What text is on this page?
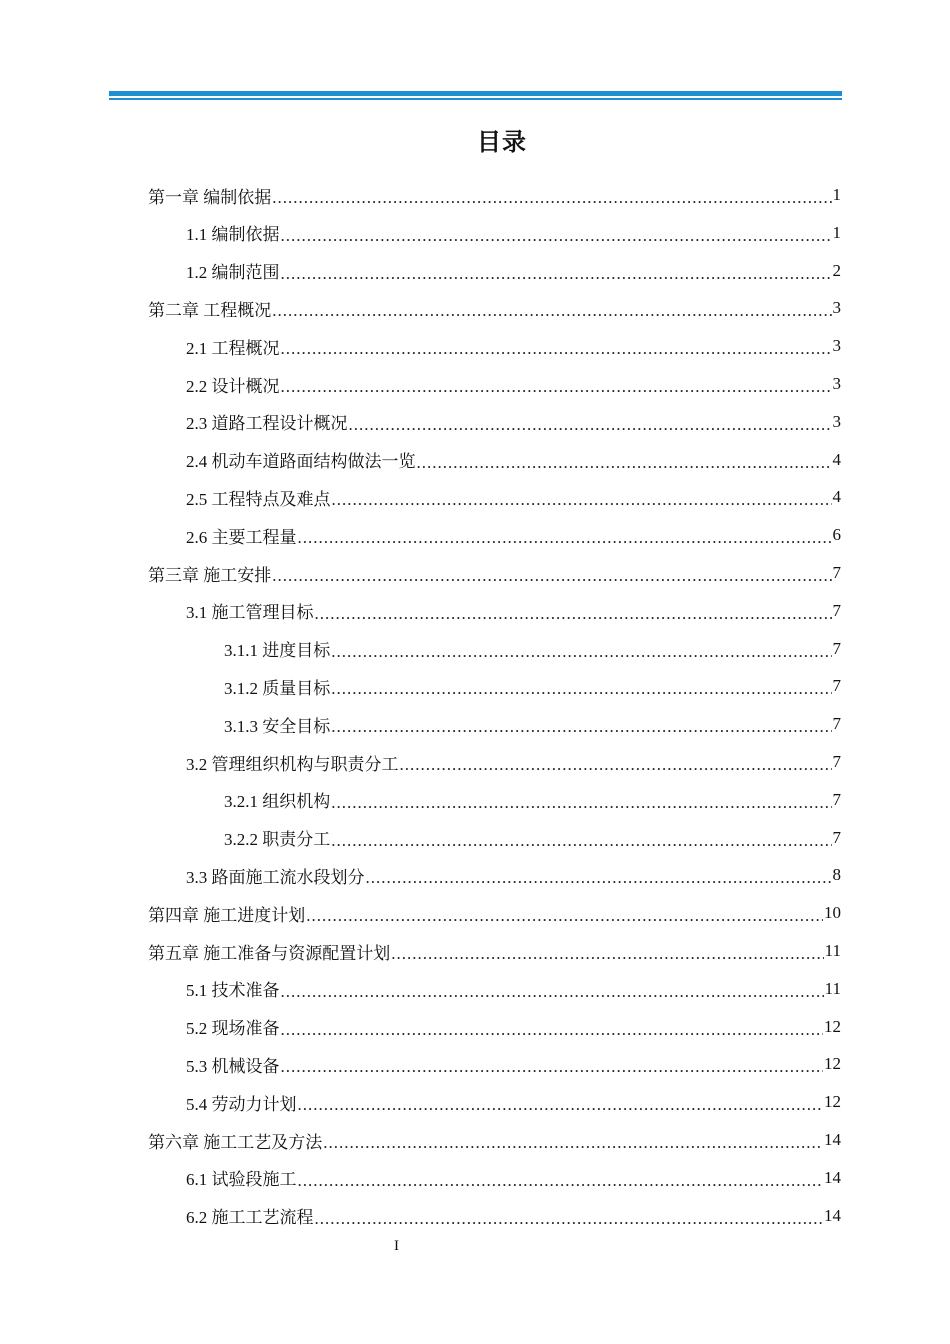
目录
第一章 编制依据 .....	1
1.1 编制依据 .....	1
1.2 编制范围 .....	2
第二章 工程概况 .....	3
2.1 工程概况 .....	3
2.2 设计概况 .....	3
2.3 道路工程设计概况 .....	3
2.4 机动车道路面结构做法一览 .....	4
2.5 工程特点及难点 .....	4
2.6 主要工程量 .....	6
第三章 施工安排 .....	7
3.1 施工管理目标 .....	7
3.1.1 进度目标 .....	7
3.1.2 质量目标 .....	7
3.1.3 安全目标 .....	7
3.2 管理组织机构与职责分工 .....	7
3.2.1 组织机构 .....	7
3.2.2 职责分工 .....	7
3.3 路面施工流水段划分 .....	8
第四章 施工进度计划 .....	10
第五章 施工准备与资源配置计划 .....	11
5.1 技术准备 .....	11
5.2 现场准备 .....	12
5.3 机械设备 .....	12
5.4 劳动力计划 .....	12
第六章 施工工艺及方法 .....	14
6.1 试验段施工 .....	14
6.2 施工工艺流程 .....	14
I
